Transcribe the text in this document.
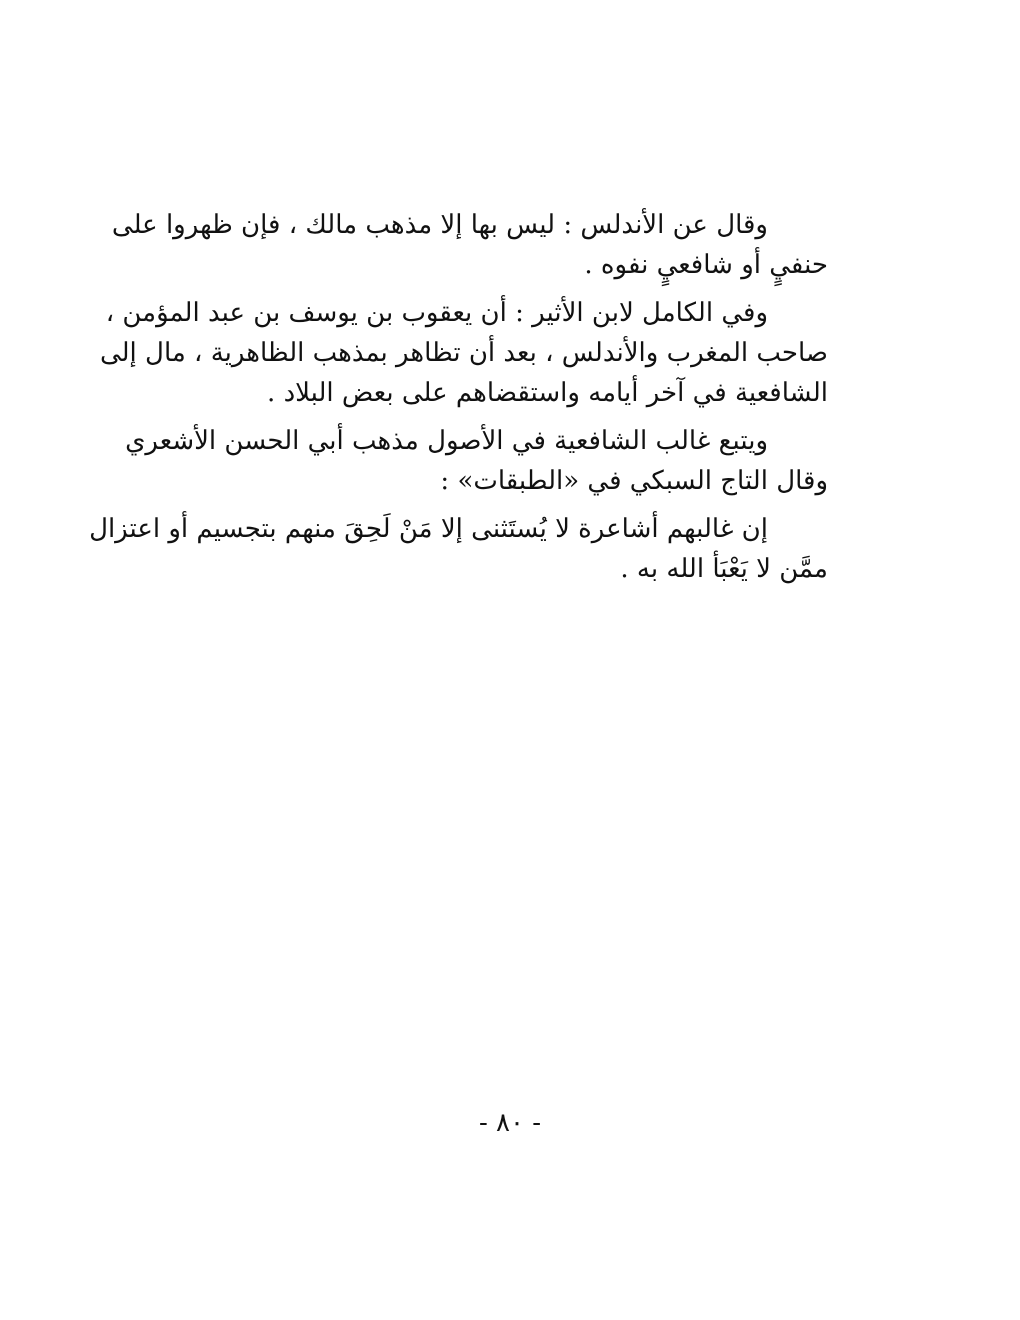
وقال عن الأندلس : ليس بها إلا مذهب مالك ، فإن ظهروا على
حنفيٍ أو شافعيٍ نفوه .
وفي الكامل لابن الأثير : أن يعقوب بن يوسف بن عبد المؤمن ،
صاحب المغرب والأندلس ، بعد أن تظاهر بمذهب الظاهرية ، مال إلى
الشافعية في آخر أيامه واستقضاهم على بعض البلاد .
ويتبع غالب الشافعية في الأصول مذهب أبي الحسن الأشعري
وقال التاج السبكي في «الطبقات» :
إن غالبهم أشاعرة لا يُستَثنى إلا مَنْ لَحِقَ منهم بتجسيم أو اعتزال
ممَّن لا يَعْبَأ الله به .
- ٨٠ -
